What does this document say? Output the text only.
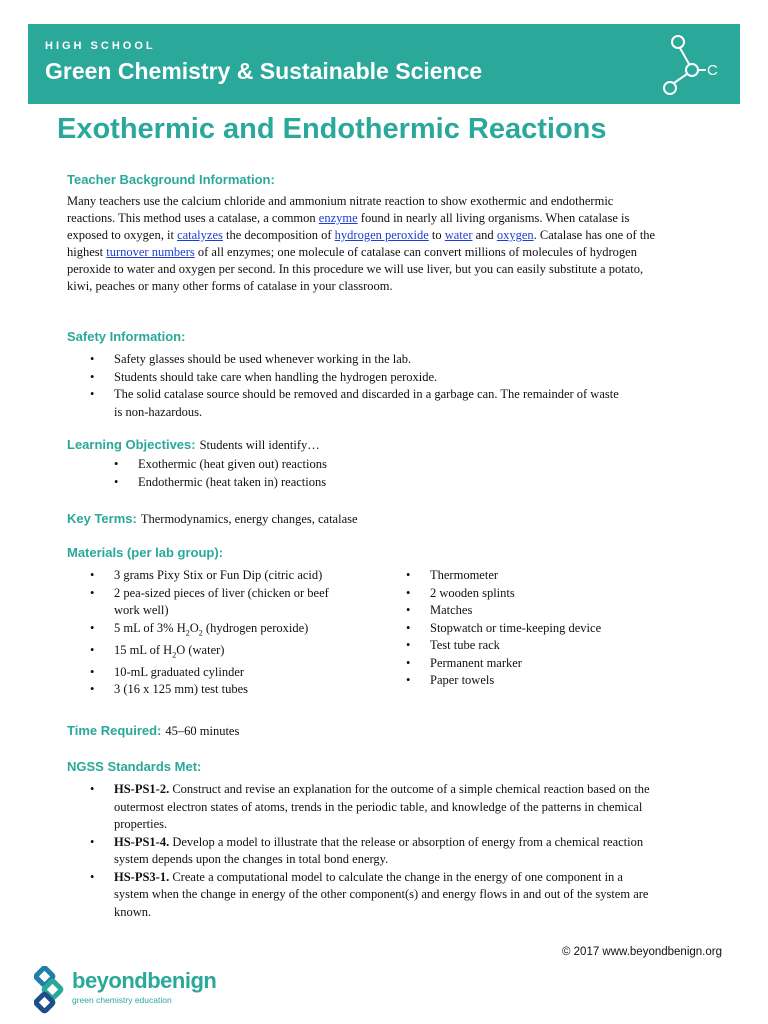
HIGH SCHOOL
Green Chemistry & Sustainable Science	C
Exothermic and Endothermic Reactions
Teacher Background Information:
Many teachers use the calcium chloride and ammonium nitrate reaction to show exothermic and endothermic reactions. This method uses a catalase, a common enzyme found in nearly all living organisms. When catalase is exposed to oxygen, it catalyzes the decomposition of hydrogen peroxide to water and oxygen. Catalase has one of the highest turnover numbers of all enzymes; one molecule of catalase can convert millions of molecules of hydrogen peroxide to water and oxygen per second. In this procedure we will use liver, but you can easily substitute a potato, kiwi, peaches or many other forms of catalase in your classroom.
Safety Information:
• Safety glasses should be used whenever working in the lab.
• Students should take care when handling the hydrogen peroxide.
• The solid catalase source should be removed and discarded in a garbage can. The remainder of waste is non-hazardous.
Learning Objectives: Students will identify…
• Exothermic (heat given out) reactions
• Endothermic (heat taken in) reactions
Key Terms: Thermodynamics, energy changes, catalase
Materials (per lab group):
• 3 grams Pixy Stix or Fun Dip (citric acid)
• 2 pea-sized pieces of liver (chicken or beef work well)
• 5 mL of 3% $H_2O_2$ (hydrogen peroxide)
• 15 mL of $H_2O$ (water)
• 10-mL graduated cylinder
• 3 (16 x 125 mm) test tubes
• Thermometer
• 2 wooden splints
• Matches
• Stopwatch or time-keeping device
• Test tube rack
• Permanent marker
• Paper towels
Time Required: 45–60 minutes
NGSS Standards Met:
• HS-PS1-2. Construct and revise an explanation for the outcome of a simple chemical reaction based on the outermost electron states of atoms, trends in the periodic table, and knowledge of the patterns in chemical properties.
• HS-PS1-4. Develop a model to illustrate that the release or absorption of energy from a chemical reaction system depends upon the changes in total bond energy.
• HS-PS3-1. Create a computational model to calculate the change in the energy of one component in a system when the change in energy of the other component(s) and energy flows in and out of the system are known.
© 2017 www.beyondbenign.org
beyondbenign
green chemistry education
